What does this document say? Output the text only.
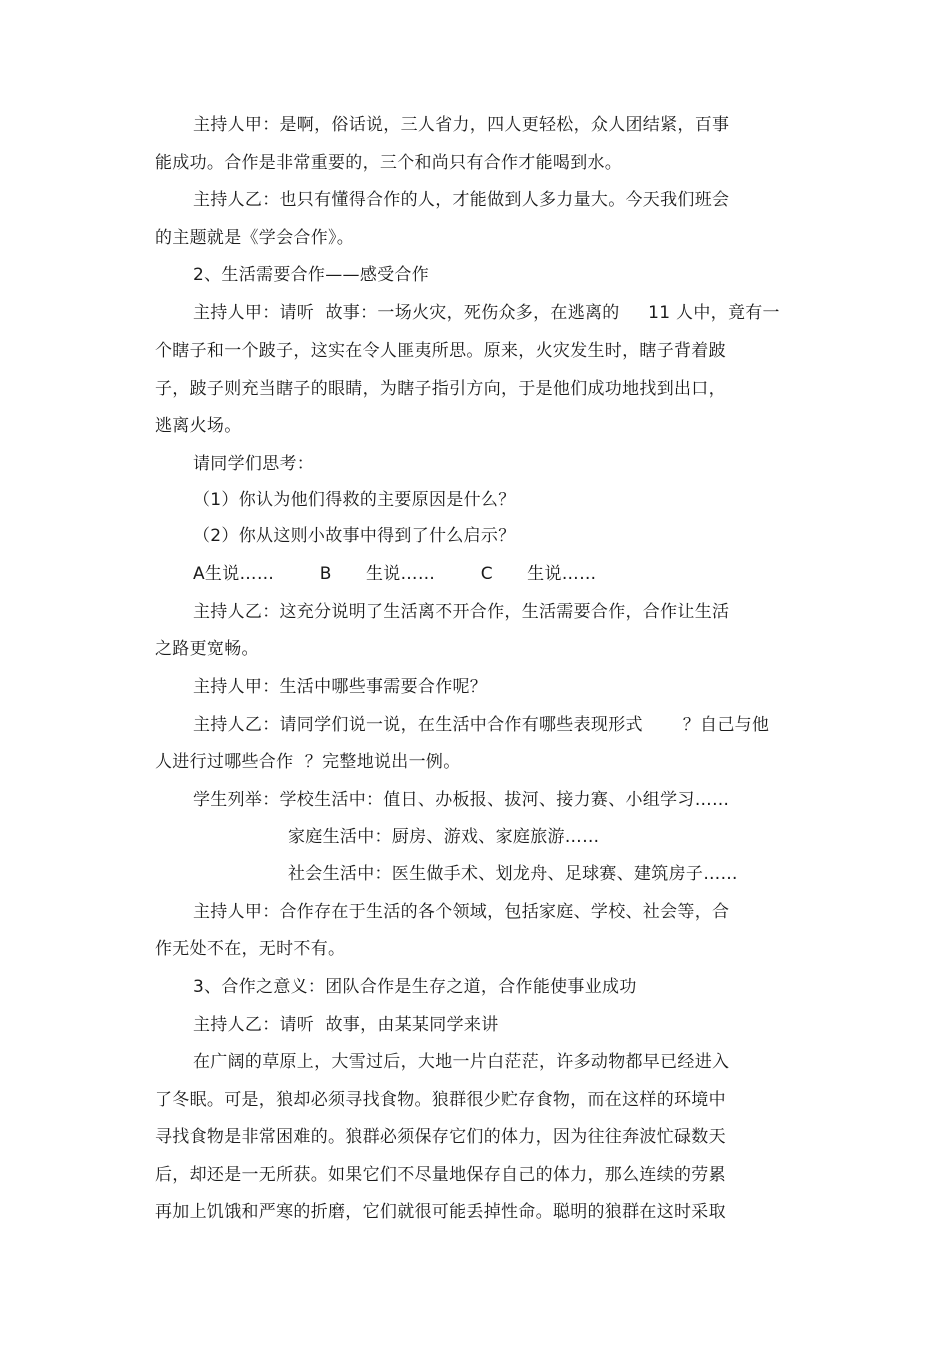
主持人甲：是啊，俗话说，三人省力，四人更轻松，众人团结紧，百事
能成功。合作是非常重要的，三个和尚只有合作才能喝到水。
主持人乙：也只有懂得合作的人，才能做到人多力量大。今天我们班会
的主题就是《学会合作》。
2、生活需要合作——感受合作
主持人甲：请听  故事：一场火灾，死伤众多，在逃离的     11 人中，竟有一
个瞎子和一个跛子，这实在令人匪夷所思。原来，火灾发生时，瞎子背着跛
子，跛子则充当瞎子的眼睛，为瞎子指引方向，于是他们成功地找到出口，
逃离火场。
请同学们思考：
（1）你认为他们得救的主要原因是什么？
（2）你从这则小故事中得到了什么启示？
A生说……        B      生说……        C      生说……
主持人乙：这充分说明了生活离不开合作，生活需要合作，合作让生活
之路更宽畅。
主持人甲：生活中哪些事需要合作呢？
主持人乙：请同学们说一说，在生活中合作有哪些表现形式       ？自己与他
人进行过哪些合作  ？完整地说出一例。
学生列举：学校生活中：值日、办板报、拔河、接力赛、小组学习……
家庭生活中：厨房、游戏、家庭旅游……
社会生活中：医生做手术、划龙舟、足球赛、建筑房子……
主持人甲：合作存在于生活的各个领域，包括家庭、学校、社会等，合
作无处不在，无时不有。
3、合作之意义：团队合作是生存之道，合作能使事业成功
主持人乙：请听  故事，由某某同学来讲
在广阔的草原上，大雪过后，大地一片白茫茫，许多动物都早已经进入
了冬眠。可是，狼却必须寻找食物。狼群很少贮存食物，而在这样的环境中
寻找食物是非常困难的。狼群必须保存它们的体力，因为往往奔波忙碌数天
后，却还是一无所获。如果它们不尽量地保存自己的体力，那么连续的劳累
再加上饥饿和严寒的折磨，它们就很可能丢掉性命。聪明的狼群在这时采取
